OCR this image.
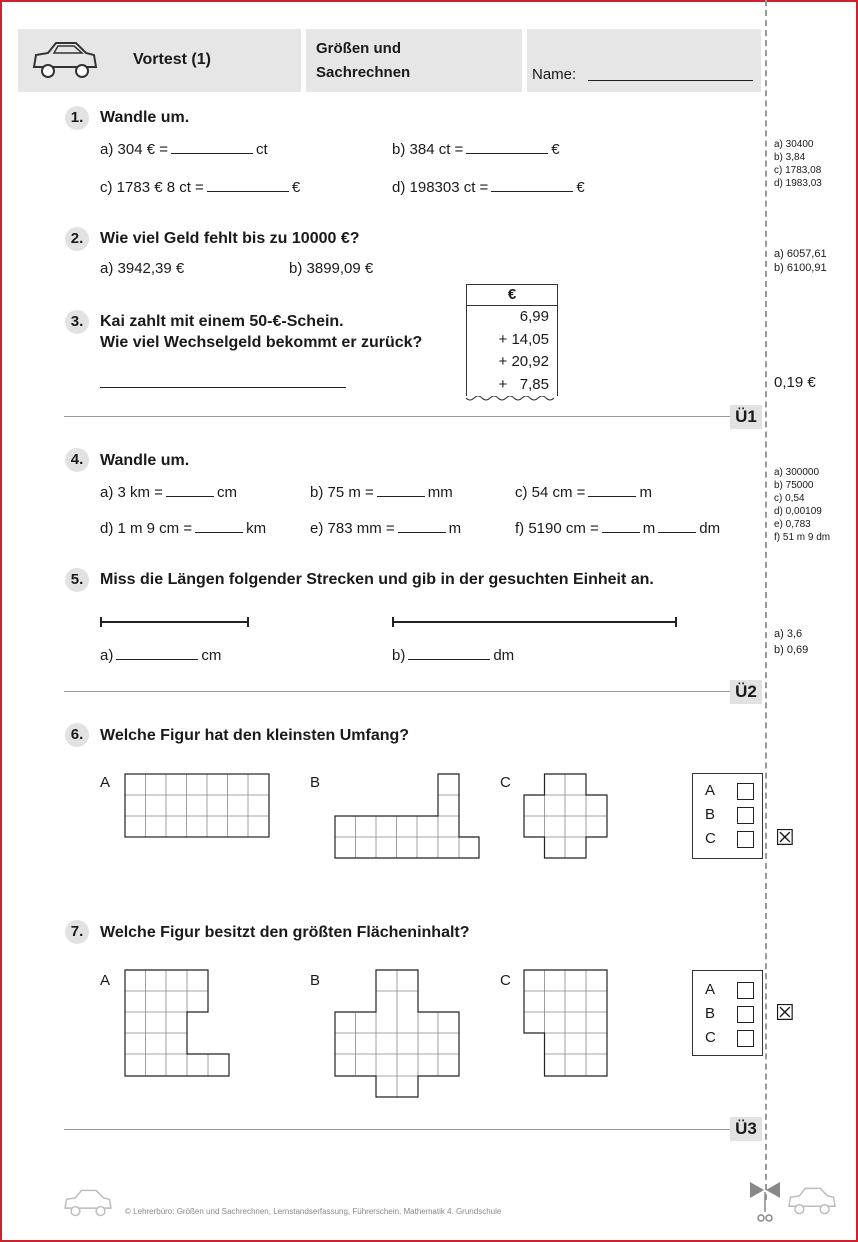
Vortest (1)
Größen und
Sachrechnen	Name:
1.	Wandle um.
a) 304 € =	ct	b) 384 ct =	€
c) 1783 € 8 ct =	€	d) 198303 ct =	€
a) 30400
b) 3,84
c) 1783,08
d) 1983,03
2.	Wie viel Geld fehlt bis zu 10000 €?
a) 3942,39 €	b) 3899,09 €
a) 6057,61
b) 6100,91
3.	Kai zahlt mit einem 50-€-Schein.
Wie viel Wechselgeld bekommt er zurück?
€
6,99
+ 14,05
+ 20,92
+   7,85	0,19 €
Ü1
4.	Wandle um.
a) 3 km =	cm	b) 75 m =	mm	c) 54 cm =	m
d) 1 m 9 cm =	km	e) 783 mm =	m	f) 5190 cm =	m	dm
a) 300000
b) 75000
c) 0,54
d) 0,00109
e) 0,783
f) 51 m 9 dm
5.	Miss die Längen folgender Strecken und gib in der gesuchten Einheit an.
a)	cm	b)	dm
a) 3,6
b) 0,69
Ü2
6.	Welche Figur hat den kleinsten Umfang?
A	B	C	A
B
C	☒
7.	Welche Figur besitzt den größten Flächeninhalt?
A	B	C
A
B
C
☒
Ü3
© Lehrerbüro: Größen und Sachrechnen, Lernstandserfassung, Führerschein, Mathematik 4. Grundschule
